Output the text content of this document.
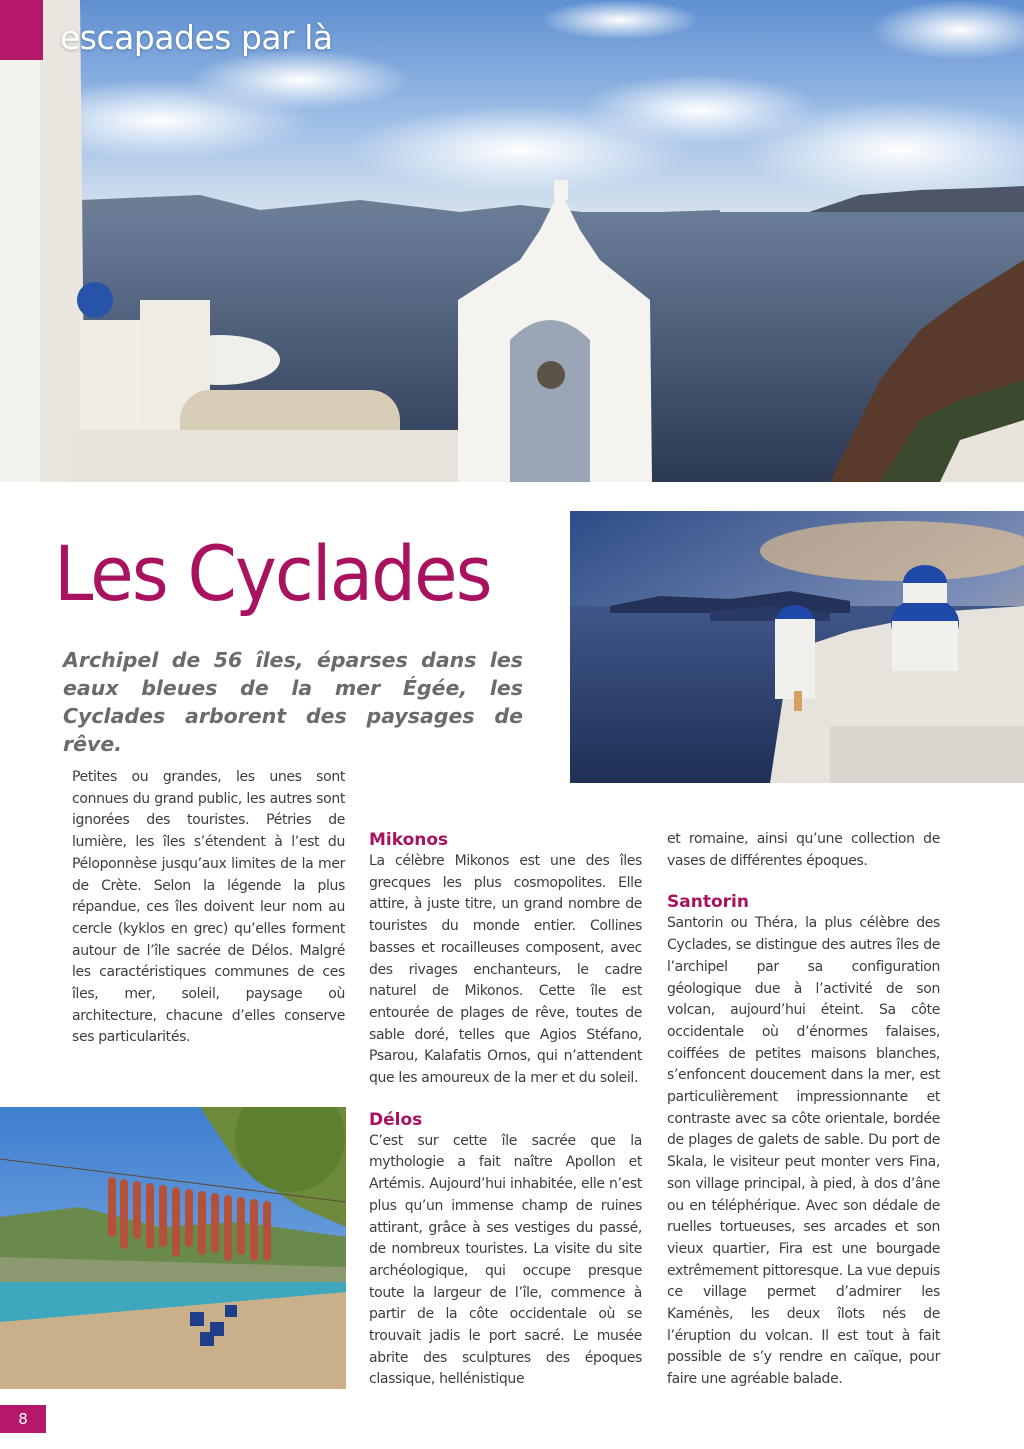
escapades par là
Les Cyclades

Archipel de 56 îles, éparses dans les eaux bleues de la mer Égée, les Cyclades arborent des paysages de rêve.

Petites ou grandes, les unes sont connues du grand public, les autres sont ignorées des touristes. Pétries de lumière, les îles s’étendent à l’est du Péloponnèse jusqu’aux limites de la mer de Crète. Selon la légende la plus répandue, ces îles doivent leur nom au cercle (kyklos en grec) qu’elles forment autour de l’île sacrée de Délos. Malgré les caractéristiques communes de ces îles, mer, soleil, paysage où architecture, chacune d’elles conserve ses particularités.

Mikonos

La célèbre Mikonos est une des îles grecques les plus cosmopolites. Elle attire, à juste titre, un grand nombre de touristes du monde entier. Collines basses et rocailleuses composent, avec des rivages enchanteurs, le cadre naturel de Mikonos. Cette île est entourée de plages de rêve, toutes de sable doré, telles que Agios Stéfano, Psarou, Kalafatis Ornos, qui n’attendent que les amoureux de la mer et du soleil.

Délos

C’est sur cette île sacrée que la mythologie a fait naître Apollon et Artémis. Aujourd’hui inhabitée, elle n’est plus qu’un immense champ de ruines attirant, grâce à ses vestiges du passé, de nombreux touristes. La visite du site archéologique, qui occupe presque toute la largeur de l’île, commence à partir de la côte occidentale où se trouvait jadis le port sacré. Le musée abrite des sculptures des époques classique, hellénistique

et romaine, ainsi qu’une collection de vases de différentes époques.

Santorin

Santorin ou Théra, la plus célèbre des Cyclades, se distingue des autres îles de l’archipel par sa configuration géologique due à l’activité de son volcan, aujourd’hui éteint. Sa côte occidentale où d’énormes falaises, coiffées de petites maisons blanches, s’enfoncent doucement dans la mer, est particulièrement impressionnante et contraste avec sa côte orientale, bordée de plages de galets de sable. Du port de Skala, le visiteur peut monter vers Fina, son village principal, à pied, à dos d’âne ou en téléphérique. Avec son dédale de ruelles tortueuses, ses arcades et son vieux quartier, Fira est une bourgade extrêmement pittoresque. La vue depuis ce village permet d’admirer les Kaménès, les deux îlots nés de l’éruption du volcan. Il est tout à fait possible de s’y rendre en caïque, pour faire une agréable balade.

8
